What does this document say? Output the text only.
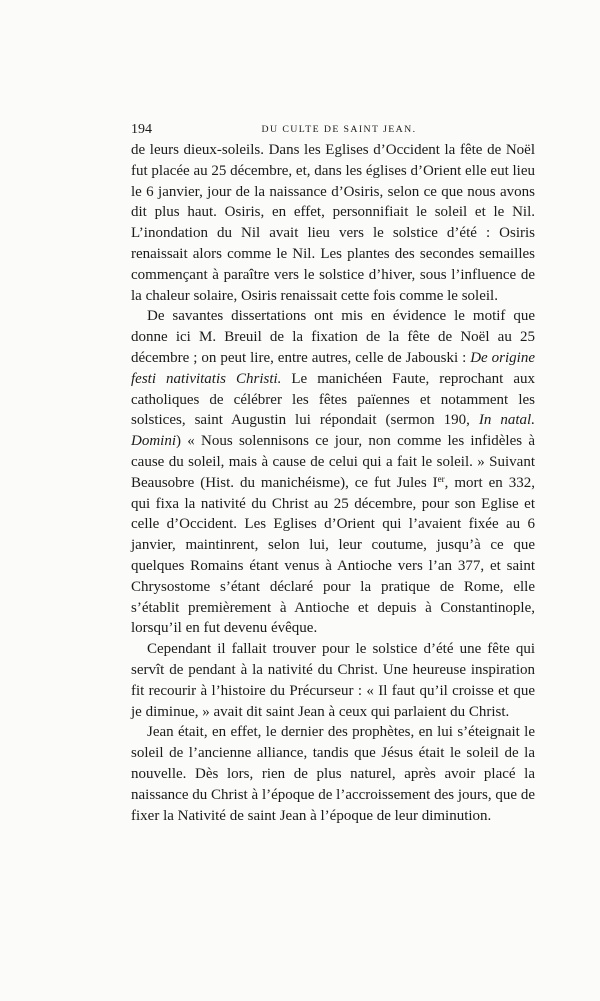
194	DU CULTE DE SAINT JEAN.

de leurs dieux-soleils. Dans les Eglises d’Occident la fête de Noël fut placée au 25 décembre, et, dans les églises d’Orient elle eut lieu le 6 janvier, jour de la naissance d’Osiris, selon ce que nous avons dit plus haut. Osiris, en effet, personnifiait le soleil et le Nil. L’inondation du Nil avait lieu vers le solstice d’été : Osiris renaissait alors comme le Nil. Les plantes des secondes semailles commençant à paraître vers le solstice d’hiver, sous l’influence de la chaleur solaire, Osiris renaissait cette fois comme le soleil.

De savantes dissertations ont mis en évidence le motif que donne ici M. Breuil de la fixation de la fête de Noël au 25 décembre ; on peut lire, entre autres, celle de Jabouski : De origine festi nativitatis Christi. Le manichéen Faute, reprochant aux catholiques de célébrer les fêtes païennes et notamment les solstices, saint Augustin lui répondait (sermon 190, In natal. Domini) « Nous solennisons ce jour, non comme les infidèles à cause du soleil, mais à cause de celui qui a fait le soleil. » Suivant Beausobre (Hist. du manichéisme), ce fut Jules Ier, mort en 332, qui fixa la nativité du Christ au 25 décembre, pour son Eglise et celle d’Occident. Les Eglises d’Orient qui l’avaient fixée au 6 janvier, maintinrent, selon lui, leur coutume, jusqu’à ce que quelques Romains étant venus à Antioche vers l’an 377, et saint Chrysostome s’étant déclaré pour la pratique de Rome, elle s’établit premièrement à Antioche et depuis à Constantinople, lorsqu’il en fut devenu évêque.

Cependant il fallait trouver pour le solstice d’été une fête qui servît de pendant à la nativité du Christ. Une heureuse inspiration fit recourir à l’histoire du Précurseur : « Il faut qu’il croisse et que je diminue, » avait dit saint Jean à ceux qui parlaient du Christ.

Jean était, en effet, le dernier des prophètes, en lui s’éteignait le soleil de l’ancienne alliance, tandis que Jésus était le soleil de la nouvelle. Dès lors, rien de plus naturel, après avoir placé la naissance du Christ à l’époque de l’accroissement des jours, que de fixer la Nativité de saint Jean à l’époque de leur diminution.
